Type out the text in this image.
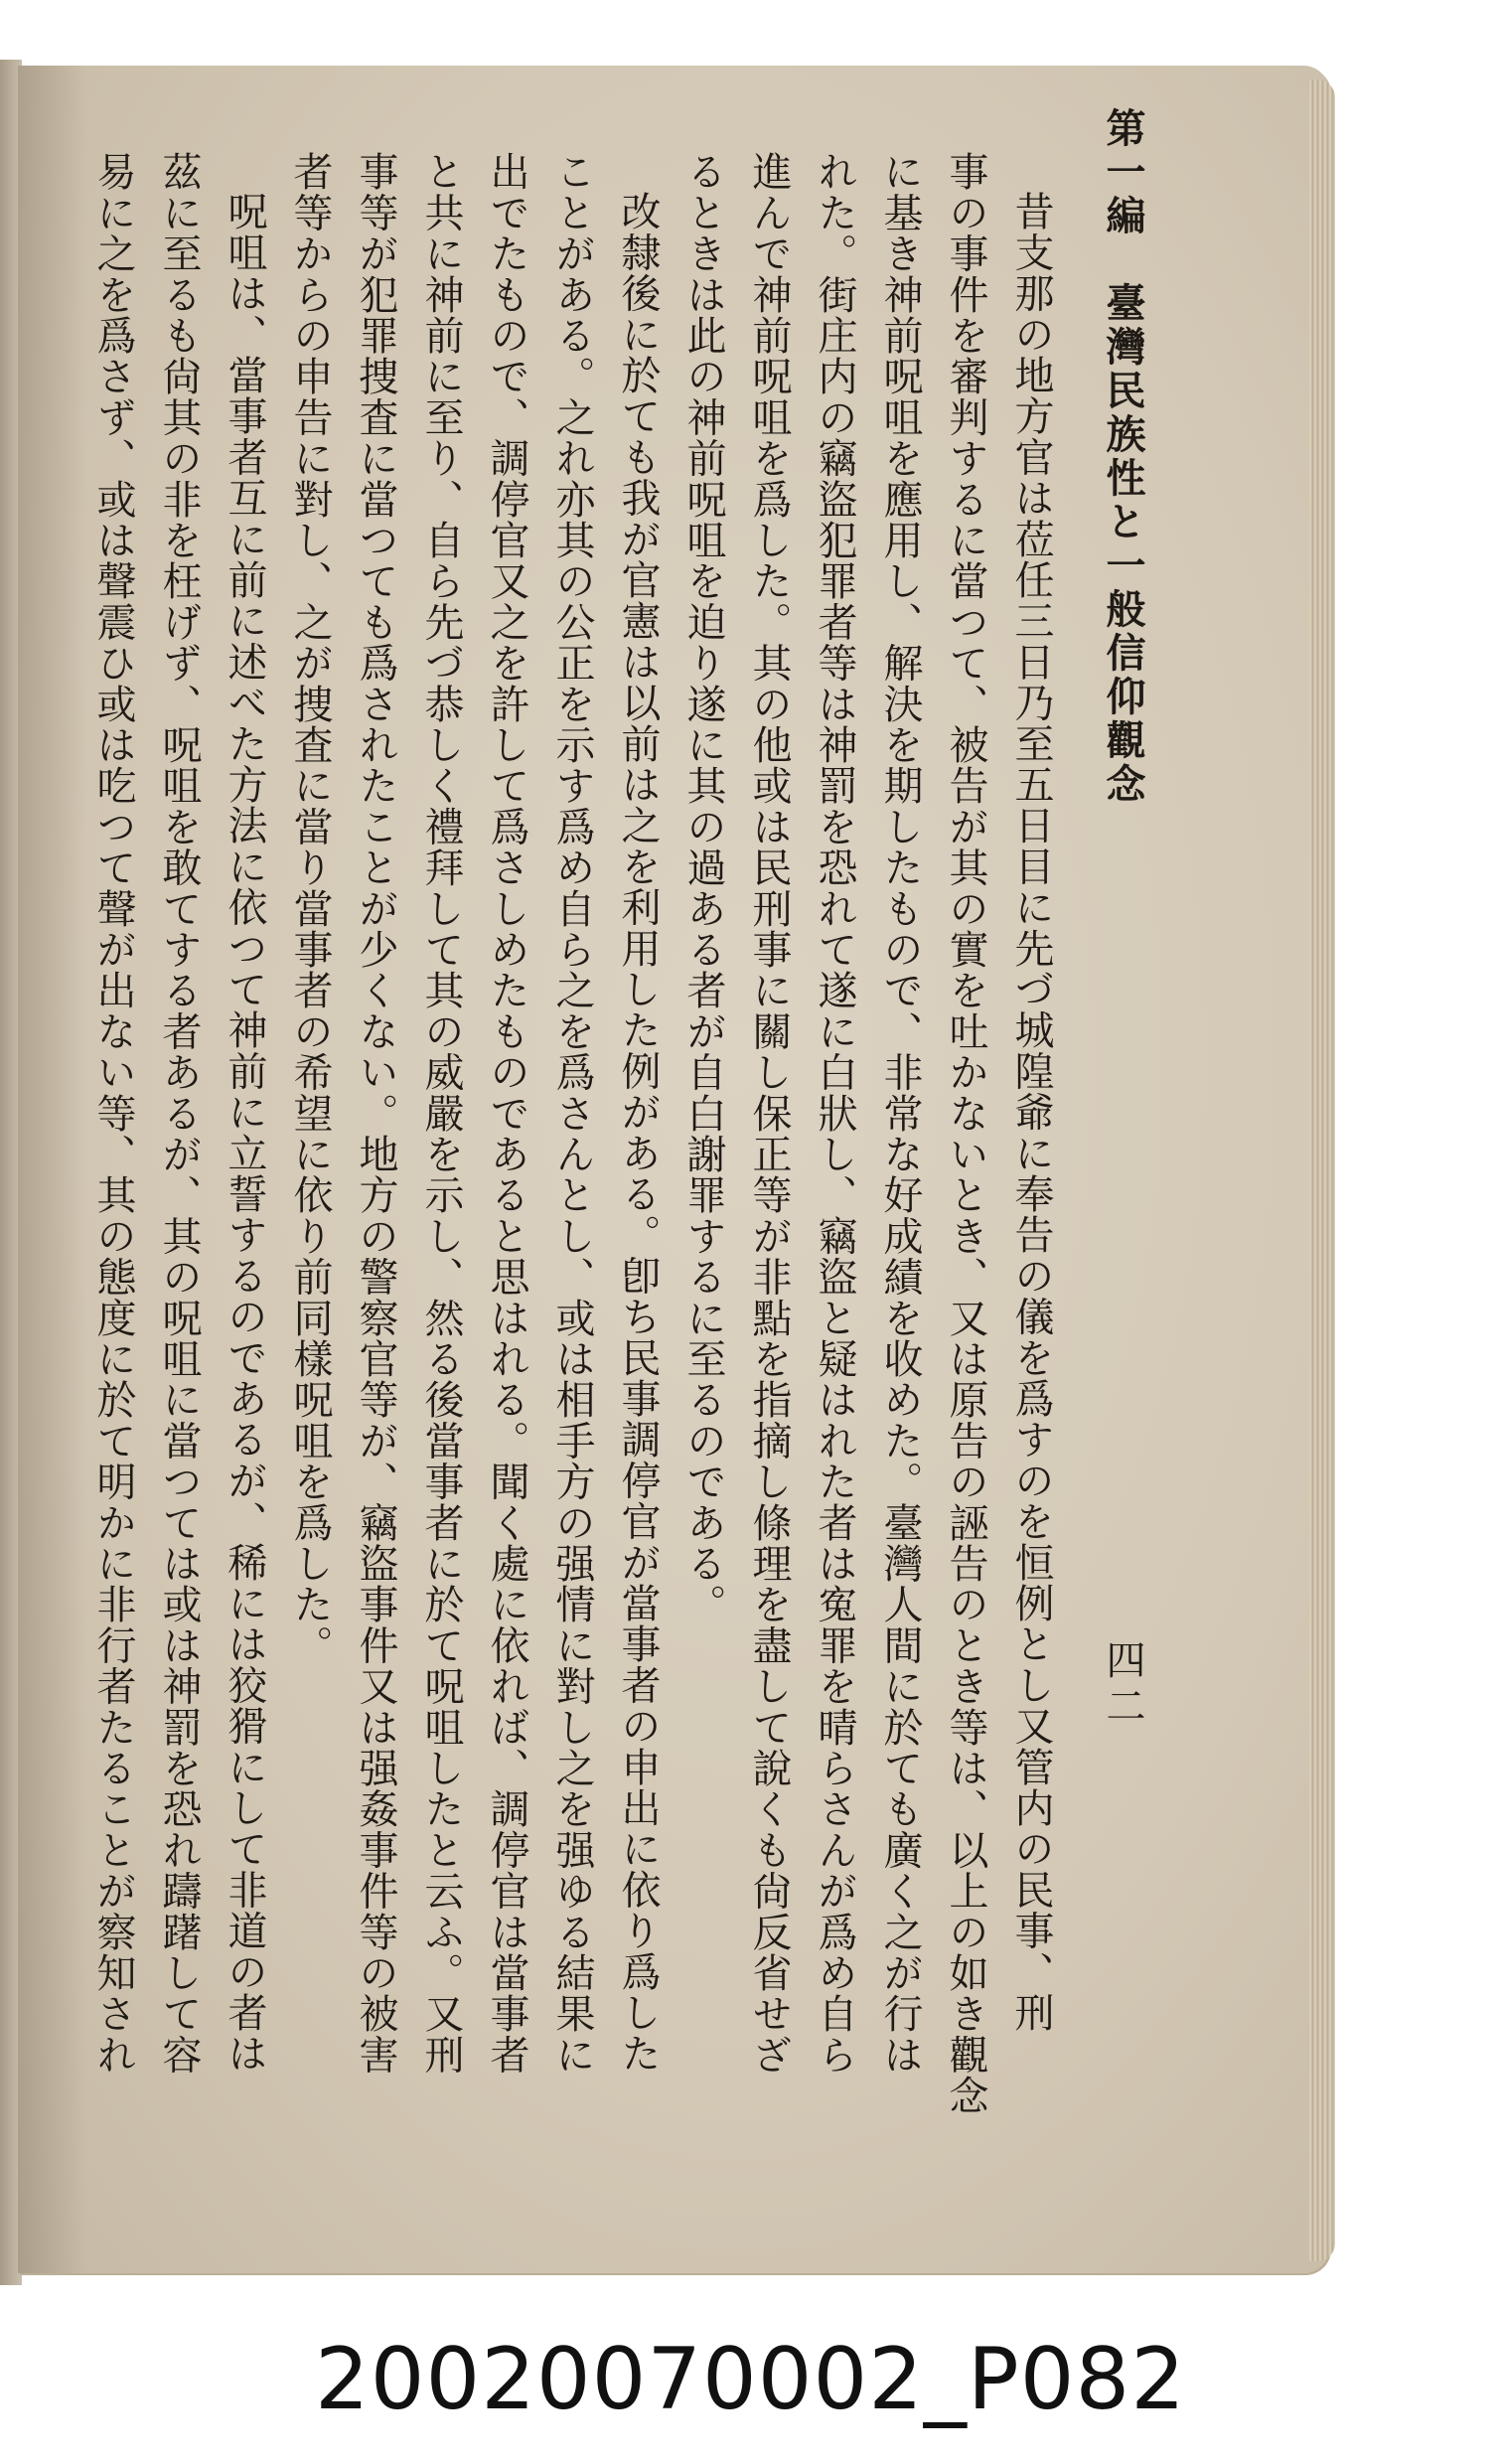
第一編　臺灣民族性と一般信仰觀念

四二

昔支那の地方官は莅任三日乃至五日目に先づ城隍爺に奉告の儀を爲すのを恒例とし又管内の民事、刑

事の事件を審判するに當つて、被告が其の實を吐かないとき、又は原告の誣告のとき等は、以上の如き觀念

に基き神前呪咀を應用し、解決を期したもので、非常な好成績を收めた。臺灣人間に於ても廣く之が行は

れた。街庄内の竊盜犯罪者等は神罰を恐れて遂に白狀し、竊盜と疑はれた者は寃罪を晴らさんが爲め自ら

進んで神前呪咀を爲した。其の他或は民刑事に關し保正等が非點を指摘し條理を盡して說くも尙反省せざ

るときは此の神前呪咀を迫り遂に其の過ある者が自白謝罪するに至るのである。

改隸後に於ても我が官憲は以前は之を利用した例がある。卽ち民事調停官が當事者の申出に依り爲した

ことがある。之れ亦其の公正を示す爲め自ら之を爲さんとし、或は相手方の强情に對し之を强ゆる結果に

出でたもので、調停官又之を許して爲さしめたものであると思はれる。聞く處に依れば、調停官は當事者

と共に神前に至り、自ら先づ恭しく禮拜して其の威嚴を示し、然る後當事者に於て呪咀したと云ふ。又刑

事等が犯罪捜査に當つても爲されたことが少くない。地方の警察官等が、竊盜事件又は强姦事件等の被害

者等からの申告に對し、之が捜査に當り當事者の希望に依り前同樣呪咀を爲した。

呪咀は、當事者互に前に述べた方法に依つて神前に立誓するのであるが、稀には狡猾にして非道の者は

茲に至るも尙其の非を枉げず、呪咀を敢てする者あるが、其の呪咀に當つては或は神罰を恐れ躊躇して容

易に之を爲さず、或は聲震ひ或は吃つて聲が出ない等、其の態度に於て明かに非行者たることが察知され

20020070002_P082
